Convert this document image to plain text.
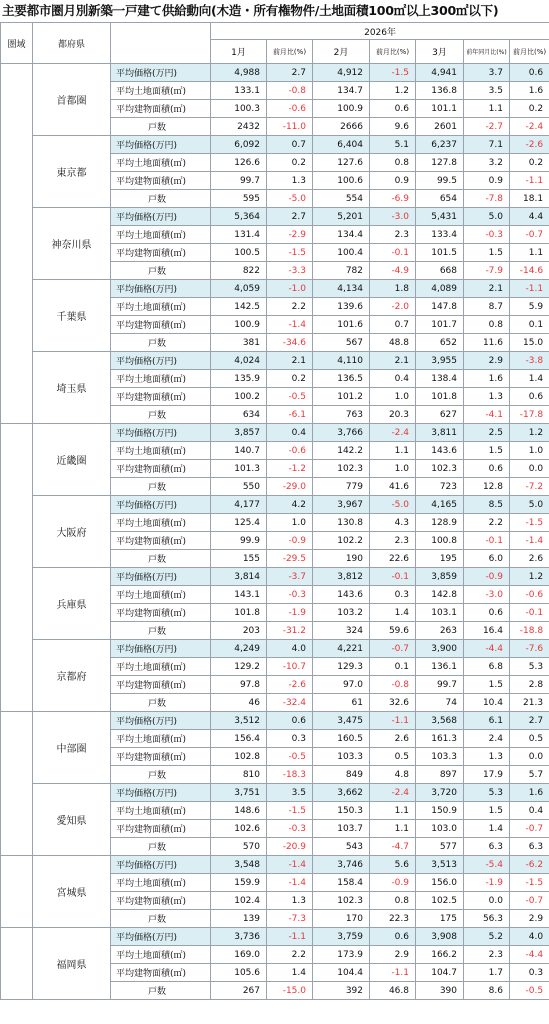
主要都市圏月別新築一戸建て供給動向(木造・所有権物件/土地面積100㎡以上300㎡以下)
圏域	都府県		2026年						
			1月	前月比(%)	2月	前月比(%)	3月	前年同月比(%)	前月比(%)
	首都圏	平均価格(万円)	4,988	2.7	4,912	-1.5	4,941	3.7	0.6
		平均土地面積(㎡)	133.1	-0.8	134.7	1.2	136.8	3.5	1.6
		平均建物面積(㎡)	100.3	-0.6	100.9	0.6	101.1	1.1	0.2
		戸数	2432	-11.0	2666	9.6	2601	-2.7	-2.4
	東京都	平均価格(万円)	6,092	0.7	6,404	5.1	6,237	7.1	-2.6
		平均土地面積(㎡)	126.6	0.2	127.6	0.8	127.8	3.2	0.2
		平均建物面積(㎡)	99.7	1.3	100.6	0.9	99.5	0.9	-1.1
		戸数	595	-5.0	554	-6.9	654	-7.8	18.1
	神奈川県	平均価格(万円)	5,364	2.7	5,201	-3.0	5,431	5.0	4.4
		平均土地面積(㎡)	131.4	-2.9	134.4	2.3	133.4	-0.3	-0.7
		平均建物面積(㎡)	100.5	-1.5	100.4	-0.1	101.5	1.5	1.1
		戸数	822	-3.3	782	-4.9	668	-7.9	-14.6
	千葉県	平均価格(万円)	4,059	-1.0	4,134	1.8	4,089	2.1	-1.1
		平均土地面積(㎡)	142.5	2.2	139.6	-2.0	147.8	8.7	5.9
		平均建物面積(㎡)	100.9	-1.4	101.6	0.7	101.7	0.8	0.1
		戸数	381	-34.6	567	48.8	652	11.6	15.0
	埼玉県	平均価格(万円)	4,024	2.1	4,110	2.1	3,955	2.9	-3.8
		平均土地面積(㎡)	135.9	0.2	136.5	0.4	138.4	1.6	1.4
		平均建物面積(㎡)	100.2	-0.5	101.2	1.0	101.8	1.3	0.6
		戸数	634	-6.1	763	20.3	627	-4.1	-17.8
	近畿圏	平均価格(万円)	3,857	0.4	3,766	-2.4	3,811	2.5	1.2
		平均土地面積(㎡)	140.7	-0.6	142.2	1.1	143.6	1.5	1.0
		平均建物面積(㎡)	101.3	-1.2	102.3	1.0	102.3	0.6	0.0
		戸数	550	-29.0	779	41.6	723	12.8	-7.2
	大阪府	平均価格(万円)	4,177	4.2	3,967	-5.0	4,165	8.5	5.0
		平均土地面積(㎡)	125.4	1.0	130.8	4.3	128.9	2.2	-1.5
		平均建物面積(㎡)	99.9	-0.9	102.2	2.3	100.8	-0.1	-1.4
		戸数	155	-29.5	190	22.6	195	6.0	2.6
	兵庫県	平均価格(万円)	3,814	-3.7	3,812	-0.1	3,859	-0.9	1.2
		平均土地面積(㎡)	143.1	-0.3	143.6	0.3	142.8	-3.0	-0.6
		平均建物面積(㎡)	101.8	-1.9	103.2	1.4	103.1	0.6	-0.1
		戸数	203	-31.2	324	59.6	263	16.4	-18.8
	京都府	平均価格(万円)	4,249	4.0	4,221	-0.7	3,900	-4.4	-7.6
		平均土地面積(㎡)	129.2	-10.7	129.3	0.1	136.1	6.8	5.3
		平均建物面積(㎡)	97.8	-2.6	97.0	-0.8	99.7	1.5	2.8
		戸数	46	-32.4	61	32.6	74	10.4	21.3
	中部圏	平均価格(万円)	3,512	0.6	3,475	-1.1	3,568	6.1	2.7
		平均土地面積(㎡)	156.4	0.3	160.5	2.6	161.3	2.4	0.5
		平均建物面積(㎡)	102.8	-0.5	103.3	0.5	103.3	1.3	0.0
		戸数	810	-18.3	849	4.8	897	17.9	5.7
	愛知県	平均価格(万円)	3,751	3.5	3,662	-2.4	3,720	5.3	1.6
		平均土地面積(㎡)	148.6	-1.5	150.3	1.1	150.9	1.5	0.4
		平均建物面積(㎡)	102.6	-0.3	103.7	1.1	103.0	1.4	-0.7
		戸数	570	-20.9	543	-4.7	577	6.3	6.3
	宮城県	平均価格(万円)	3,548	-1.4	3,746	5.6	3,513	-5.4	-6.2
		平均土地面積(㎡)	159.9	-1.4	158.4	-0.9	156.0	-1.9	-1.5
		平均建物面積(㎡)	102.4	1.3	102.3	0.8	102.5	0.0	-0.7
		戸数	139	-7.3	170	22.3	175	56.3	2.9
	福岡県	平均価格(万円)	3,736	-1.1	3,759	0.6	3,908	5.2	4.0
		平均土地面積(㎡)	169.0	2.2	173.9	2.9	166.2	2.3	-4.4
		平均建物面積(㎡)	105.6	1.4	104.4	-1.1	104.7	1.7	0.3
		戸数	267	-15.0	392	46.8	390	8.6	-0.5
